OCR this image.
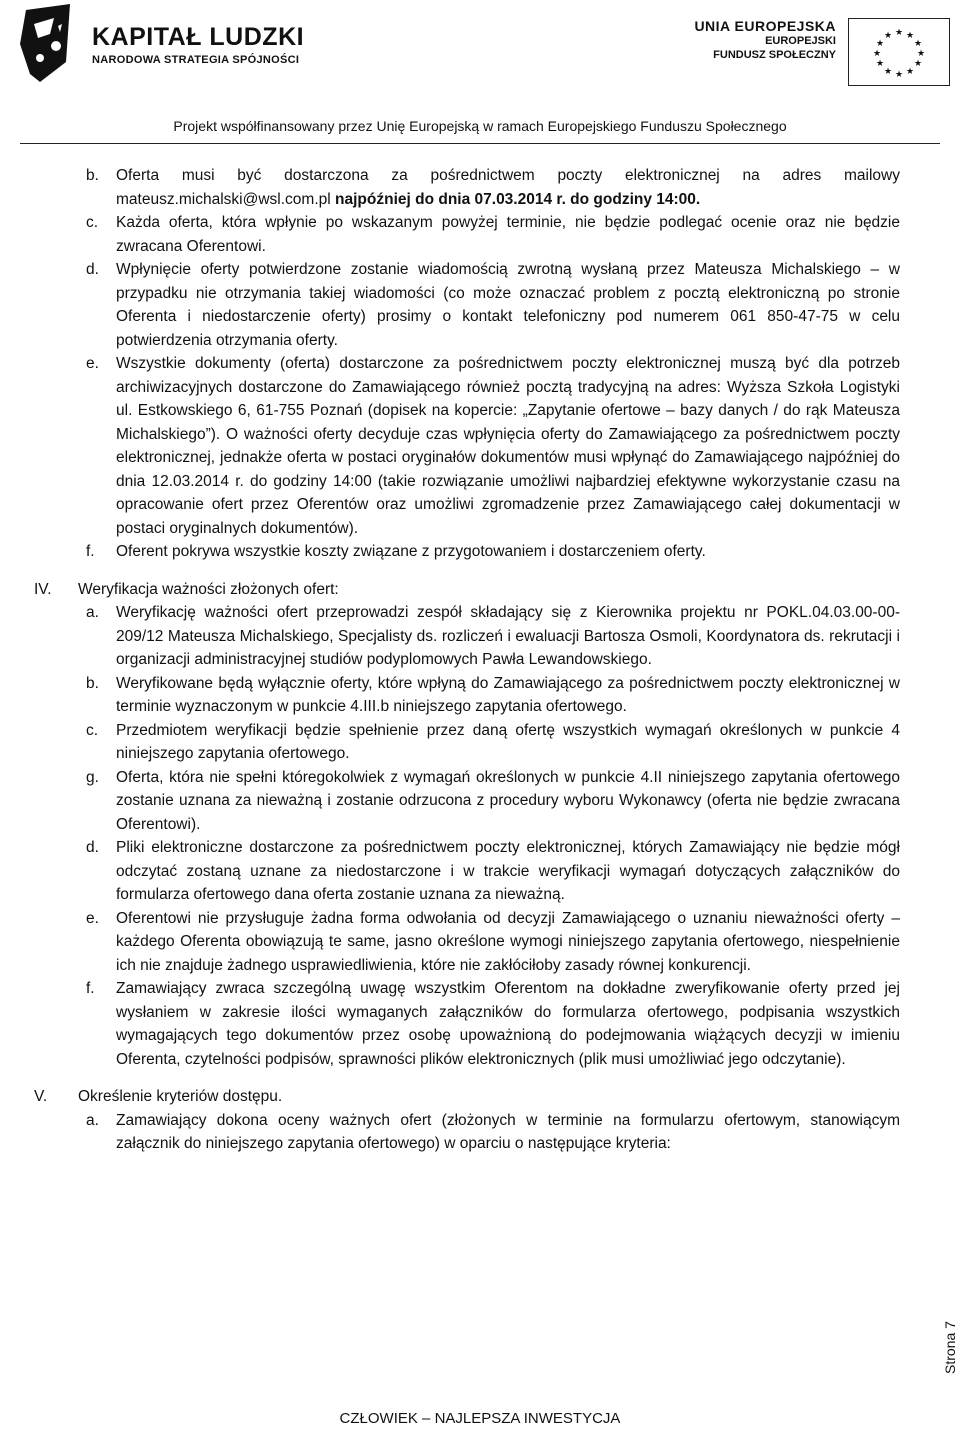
KAPITAŁ LUDZKI
NARODOWA STRATEGIA SPÓJNOŚCI
UNIA EUROPEJSKA
EUROPEJSKI
FUNDUSZ SPOŁECZNY
★ ★
★
★
★
★
★
★
★
★
★
★
Projekt współfinansowany przez Unię Europejską w ramach Europejskiego Funduszu Społecznego
b. Oferta musi być dostarczona za pośrednictwem poczty elektronicznej na adres mailowy mateusz.michalski@wsl.com.pl najpóźniej do dnia 07.03.2014 r. do godziny 14:00.
c. Każda oferta, która wpłynie po wskazanym powyżej terminie, nie będzie podlegać ocenie oraz nie będzie zwracana Oferentowi.
d. Wpłynięcie oferty potwierdzone zostanie wiadomością zwrotną wysłaną przez Mateusza Michalskiego – w przypadku nie otrzymania takiej wiadomości (co może oznaczać problem z pocztą elektroniczną po stronie Oferenta i niedostarczenie oferty) prosimy o kontakt telefoniczny pod numerem 061 850-47-75 w celu potwierdzenia otrzymania oferty.
e. Wszystkie dokumenty (oferta) dostarczone za pośrednictwem poczty elektronicznej muszą być dla potrzeb archiwizacyjnych dostarczone do Zamawiającego również pocztą tradycyjną na adres: Wyższa Szkoła Logistyki ul. Estkowskiego 6, 61-755 Poznań (dopisek na kopercie: „Zapytanie ofertowe – bazy danych / do rąk Mateusza Michalskiego”). O ważności oferty decyduje czas wpłynięcia oferty do Zamawiającego za pośrednictwem poczty elektronicznej, jednakże oferta w postaci oryginałów dokumentów musi wpłynąć do Zamawiającego najpóźniej do dnia 12.03.2014 r. do godziny 14:00 (takie rozwiązanie umożliwi najbardziej efektywne wykorzystanie czasu na opracowanie ofert przez Oferentów oraz umożliwi zgromadzenie przez Zamawiającego całej dokumentacji w postaci oryginalnych dokumentów).
f. Oferent pokrywa wszystkie koszty związane z przygotowaniem i dostarczeniem oferty.
IV. Weryfikacja ważności złożonych ofert:
a. Weryfikację ważności ofert przeprowadzi zespół składający się z Kierownika projektu nr POKL.04.03.00-00-209/12 Mateusza Michalskiego, Specjalisty ds. rozliczeń i ewaluacji Bartosza Osmoli, Koordynatora ds. rekrutacji i organizacji administracyjnej studiów podyplomowych Pawła Lewandowskiego.
b. Weryfikowane będą wyłącznie oferty, które wpłyną do Zamawiającego za pośrednictwem poczty elektronicznej w terminie wyznaczonym w punkcie 4.III.b niniejszego zapytania ofertowego.
c. Przedmiotem weryfikacji będzie spełnienie przez daną ofertę wszystkich wymagań określonych w punkcie 4 niniejszego zapytania ofertowego.
g. Oferta, która nie spełni któregokolwiek z wymagań określonych w punkcie 4.II niniejszego zapytania ofertowego zostanie uznana za nieważną i zostanie odrzucona z procedury wyboru Wykonawcy (oferta nie będzie zwracana Oferentowi).
d. Pliki elektroniczne dostarczone za pośrednictwem poczty elektronicznej, których Zamawiający nie będzie mógł odczytać zostaną uznane za niedostarczone i w trakcie weryfikacji wymagań dotyczących załączników do formularza ofertowego dana oferta zostanie uznana za nieważną.
e. Oferentowi nie przysługuje żadna forma odwołania od decyzji Zamawiającego o uznaniu nieważności oferty – każdego Oferenta obowiązują te same, jasno określone wymogi niniejszego zapytania ofertowego, niespełnienie ich nie znajduje żadnego usprawiedliwienia, które nie zakłóciłoby zasady równej konkurencji.
f. Zamawiający zwraca szczególną uwagę wszystkim Oferentom na dokładne zweryfikowanie oferty przed jej wysłaniem w zakresie ilości wymaganych załączników do formularza ofertowego, podpisania wszystkich wymagających tego dokumentów przez osobę upoważnioną do podejmowania wiążących decyzji w imieniu Oferenta, czytelności podpisów, sprawności plików elektronicznych (plik musi umożliwiać jego odczytanie).
V. Określenie kryteriów dostępu.
a. Zamawiający dokona oceny ważnych ofert (złożonych w terminie na formularzu ofertowym, stanowiącym załącznik do niniejszego zapytania ofertowego) w oparciu o następujące kryteria:
Strona 7
CZŁOWIEK – NAJLEPSZA INWESTYCJA
